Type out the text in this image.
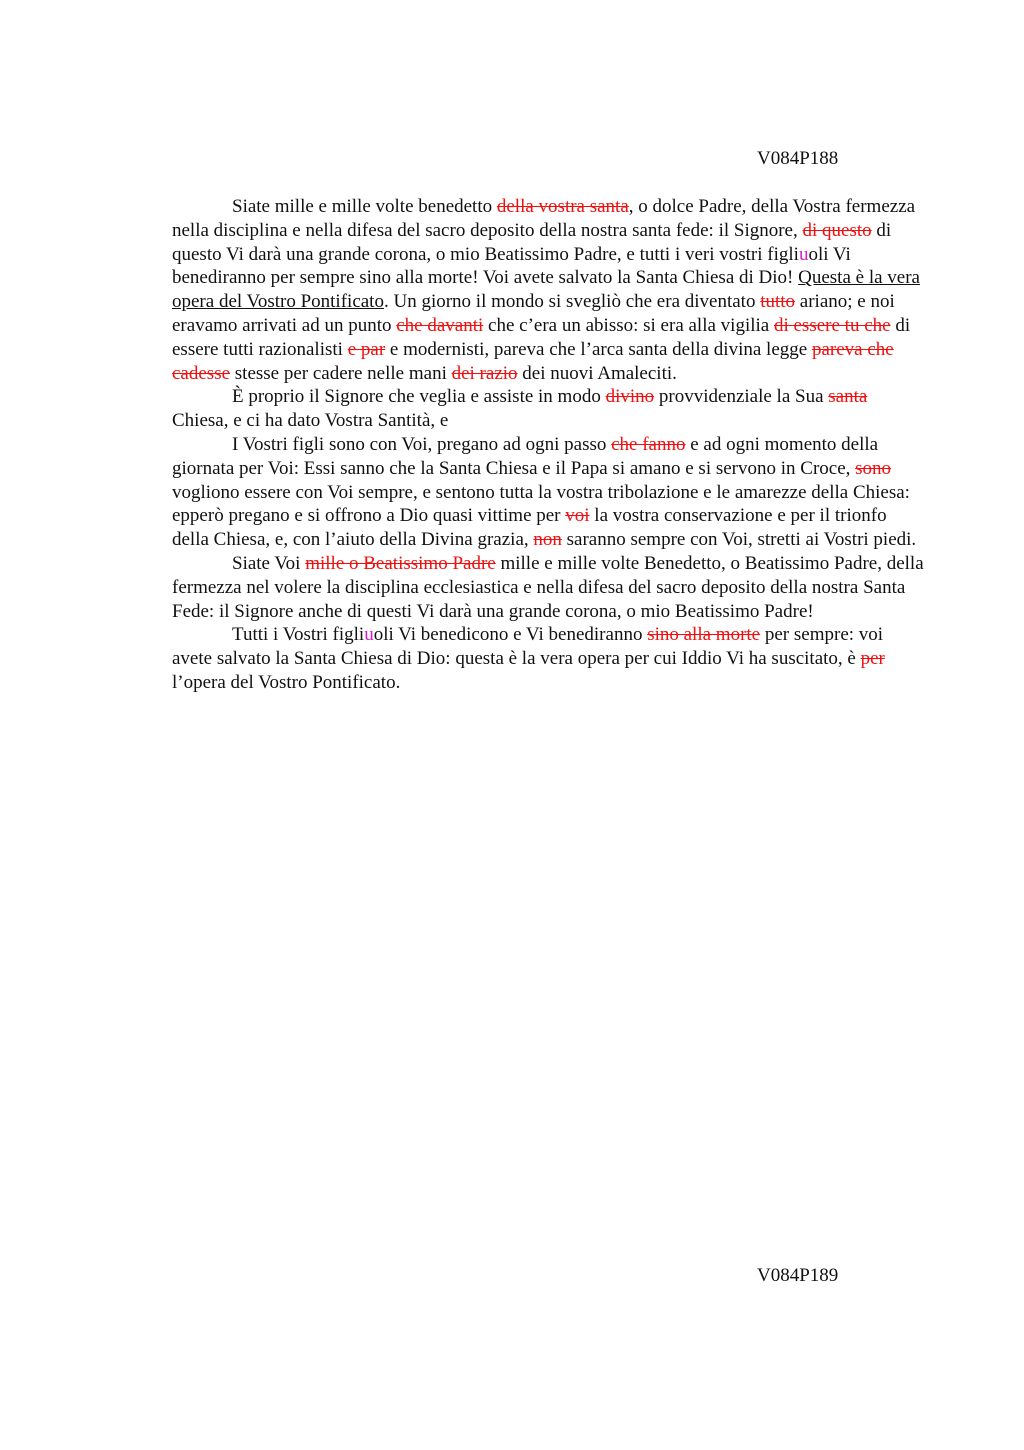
V084P188

Siate mille e mille volte benedetto della vostra santa, o dolce Padre, della Vostra fermezza nella disciplina e nella difesa del sacro deposito della nostra santa fede: il Signore, di questo di questo Vi darà una grande corona, o mio Beatissimo Padre, e tutti i veri vostri figliuoli Vi benediranno per sempre sino alla morte! Voi avete salvato la Santa Chiesa di Dio! Questa è la vera opera del Vostro Pontificato. Un giorno il mondo si svegliò che era diventato tutto ariano; e noi eravamo arrivati ad un punto che davanti che c’era un abisso: si era alla vigilia di essere tu che di essere tutti razionalisti e par e modernisti, pareva che l’arca santa della divina legge pareva che cadesse stesse per cadere nelle mani dei razio dei nuovi Amaleciti.

È proprio il Signore che veglia e assiste in modo divino provvidenziale la Sua santa Chiesa, e ci ha dato Vostra Santità, e

I Vostri figli sono con Voi, pregano ad ogni passo che fanno e ad ogni momento della giornata per Voi: Essi sanno che la Santa Chiesa e il Papa si amano e si servono in Croce, sono vogliono essere con Voi sempre, e sentono tutta la vostra tribolazione e le amarezze della Chiesa: epperò pregano e si offrono a Dio quasi vittime per voi la vostra conservazione e per il trionfo della Chiesa, e, con l’aiuto della Divina grazia, non saranno sempre con Voi, stretti ai Vostri piedi.

Siate Voi mille o Beatissimo Padre mille e mille volte Benedetto, o Beatissimo Padre, della fermezza nel volere la disciplina ecclesiastica e nella difesa del sacro deposito della nostra Santa Fede: il Signore anche di questi Vi darà una grande corona, o mio Beatissimo Padre!

Tutti i Vostri figliuoli Vi benedicono e Vi benediranno sino alla morte per sempre: voi avete salvato la Santa Chiesa di Dio: questa è la vera opera per cui Iddio Vi ha suscitato, è per l’opera del Vostro Pontificato.

V084P189
